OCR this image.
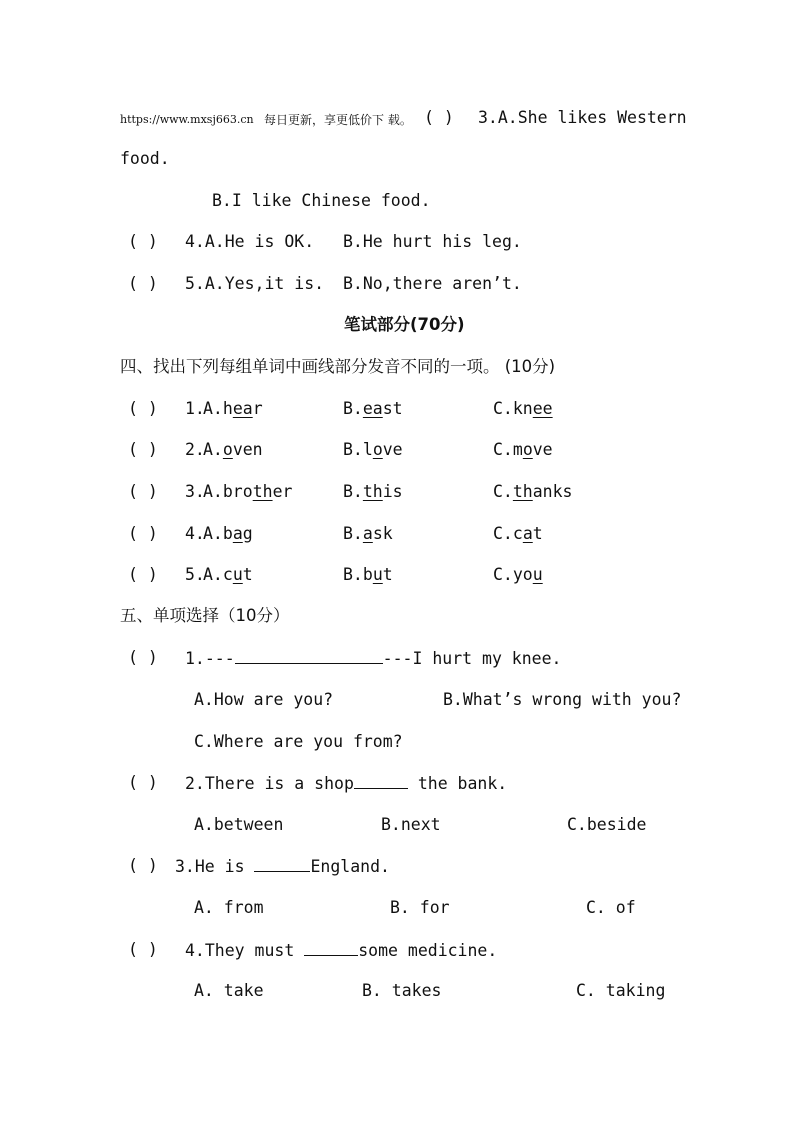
https://www.mxsj663.cn 每日更新，享更低价下 载。 ( ) 3.A.She likes Western
food.
B.I like Chinese food.
( ) 4.A.He is OK. B.He hurt his leg.
( ) 5.A.Yes,it is. B.No,there aren’t.
笔试部分(70分)
四、找出下列每组单词中画线部分发音不同的一项。 (10分)
( ) 1.
A.hear	B.east	C.knee
( ) 2.
A.oven	B.love	C.move
( ) 3.
A.brother	B.this	C.thanks
( ) 4.
A.bag	B.ask	C.cat
( ) 5.
A.cut	B.but	C.you
五、单项选择（10分）
( ) 1.---	---I hurt my knee.
A.How are you?	B.What’s wrong with you?
C.Where are you from?
( ) 2.There is a shop	the bank.
A.between	B.next	C.beside
( ) 3.He is	England.
A. from	B. for	C. of
( ) 4.They must	some medicine.
A. take	B. takes	C. taking
